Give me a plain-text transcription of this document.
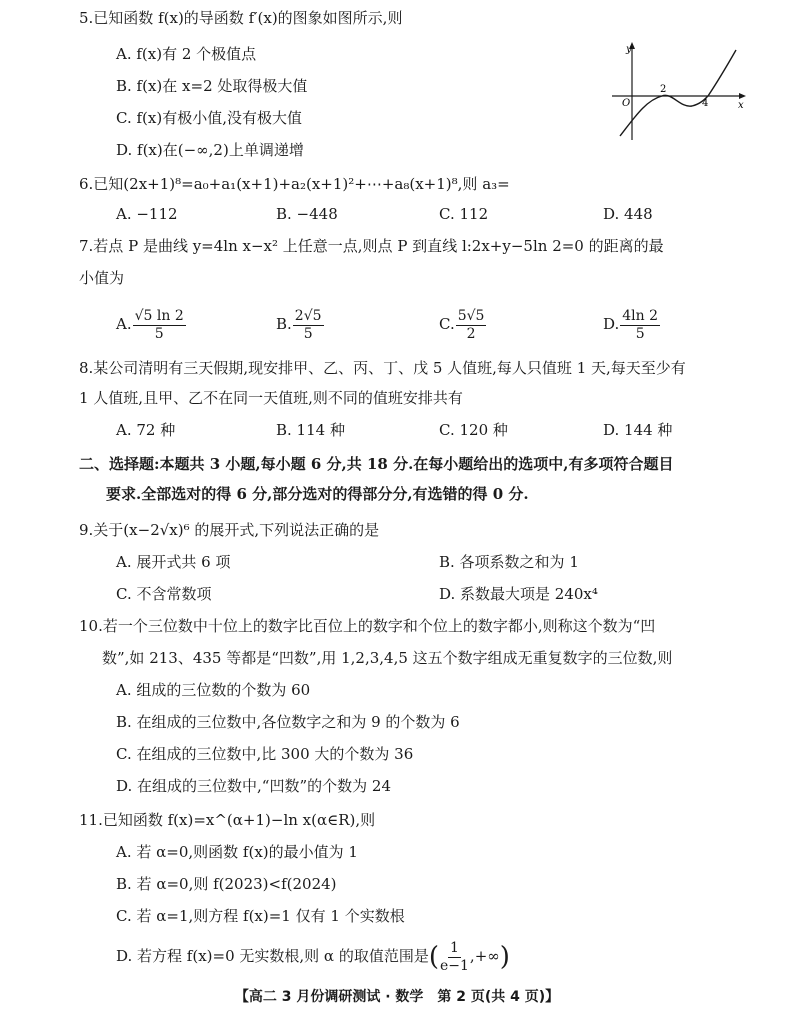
5.已知函数 f(x)的导函数 f′(x)的图象如图所示,则
A. f(x)有 2 个极值点
B. f(x)在 x=2 处取得极大值
C. f(x)有极小值,没有极大值
D. f(x)在(−∞,2)上单调递增
y
x
O
2
4
6.已知(2x+1)⁸=a₀+a₁(x+1)+a₂(x+1)²+⋯+a₈(x+1)⁸,则 a₃=
A. −112	B. −448	C. 112	D. 448
7.若点 P 是曲线 y=4ln x−x² 上任意一点,则点 P 到直线 l:2x+y−5ln 2=0 的距离的最
小值为
A. $\frac{√5 \ln 2}{5}$	B. $\frac{2√5}{5}$	C. $\frac{5√5}{2}$	D. $\frac{4\ln 2}{5}$
8.某公司清明有三天假期,现安排甲、乙、丙、丁、戊 5 人值班,每人只值班 1 天,每天至少有
1 人值班,且甲、乙不在同一天值班,则不同的值班安排共有
A. 72 种	B. 114 种	C. 120 种	D. 144 种
二、选择题:本题共 3 小题,每小题 6 分,共 18 分.在每小题给出的选项中,有多项符合题目
要求.全部选对的得 6 分,部分选对的得部分分,有选错的得 0 分.
9.关于(x−2√x)⁶ 的展开式,下列说法正确的是
A. 展开式共 6 项	B. 各项系数之和为 1
C. 不含常数项	D. 系数最大项是 240x⁴
10.若一个三位数中十位上的数字比百位上的数字和个位上的数字都小,则称这个数为“凹
数”,如 213、435 等都是“凹数”,用 1,2,3,4,5 这五个数字组成无重复数字的三位数,则
A. 组成的三位数的个数为 60
B. 在组成的三位数中,各位数字之和为 9 的个数为 6
C. 在组成的三位数中,比 300 大的个数为 36
D. 在组成的三位数中,“凹数”的个数为 24
11.已知函数 f(x)=x^(α+1)−ln x(α∈R),则
A. 若 α=0,则函数 f(x)的最小值为 1
B. 若 α=0,则 f(2023)<f(2024)
C. 若 α=1,则方程 f(x)=1 仅有 1 个实数根
D. 若方程 f(x)=0 无实数根,则 α 的取值范围是( $\frac{1}{e-1}$ ,+∞)
【高二 3 月份调研测试 · 数学　第 2 页(共 4 页)】
